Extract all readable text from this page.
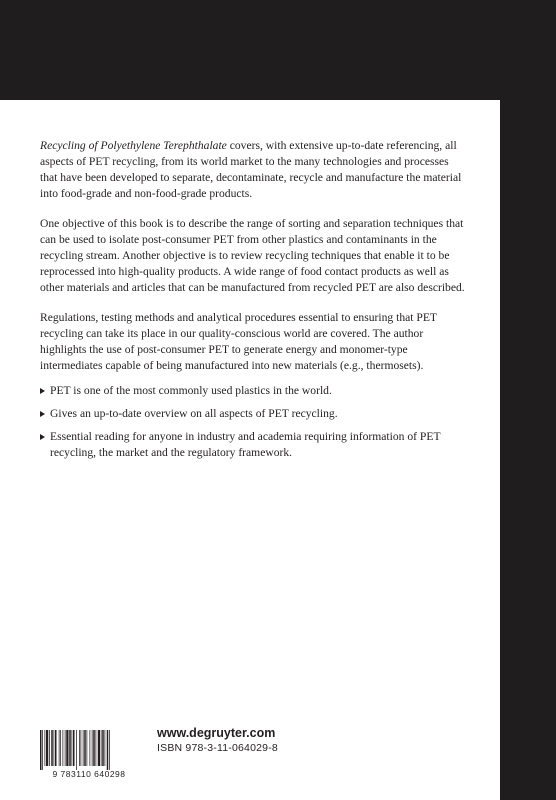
Recycling of Polyethylene Terephthalate covers, with extensive up-to-date referencing, all aspects of PET recycling, from its world market to the many technologies and processes that have been developed to separate, decontaminate, recycle and manufacture the material into food-grade and non-food-grade products.

One objective of this book is to describe the range of sorting and separation techniques that can be used to isolate post-consumer PET from other plastics and contaminants in the recycling stream. Another objective is to review recycling techniques that enable it to be reprocessed into high-quality products. A wide range of food contact products as well as other materials and articles that can be manufactured from recycled PET are also described.

Regulations, testing methods and analytical procedures essential to ensuring that PET recycling can take its place in our quality-conscious world are covered. The author highlights the use of post-consumer PET to generate energy and monomer-type intermediates capable of being manufactured into new materials (e.g., thermosets).

PET is one of the most commonly used plastics in the world.
Gives an up-to-date overview on all aspects of PET recycling.
Essential reading for anyone in industry and academia requiring information of PET recycling, the market and the regulatory framework.
9 783110 640298
www.degruyter.com
ISBN 978-3-11-064029-8
